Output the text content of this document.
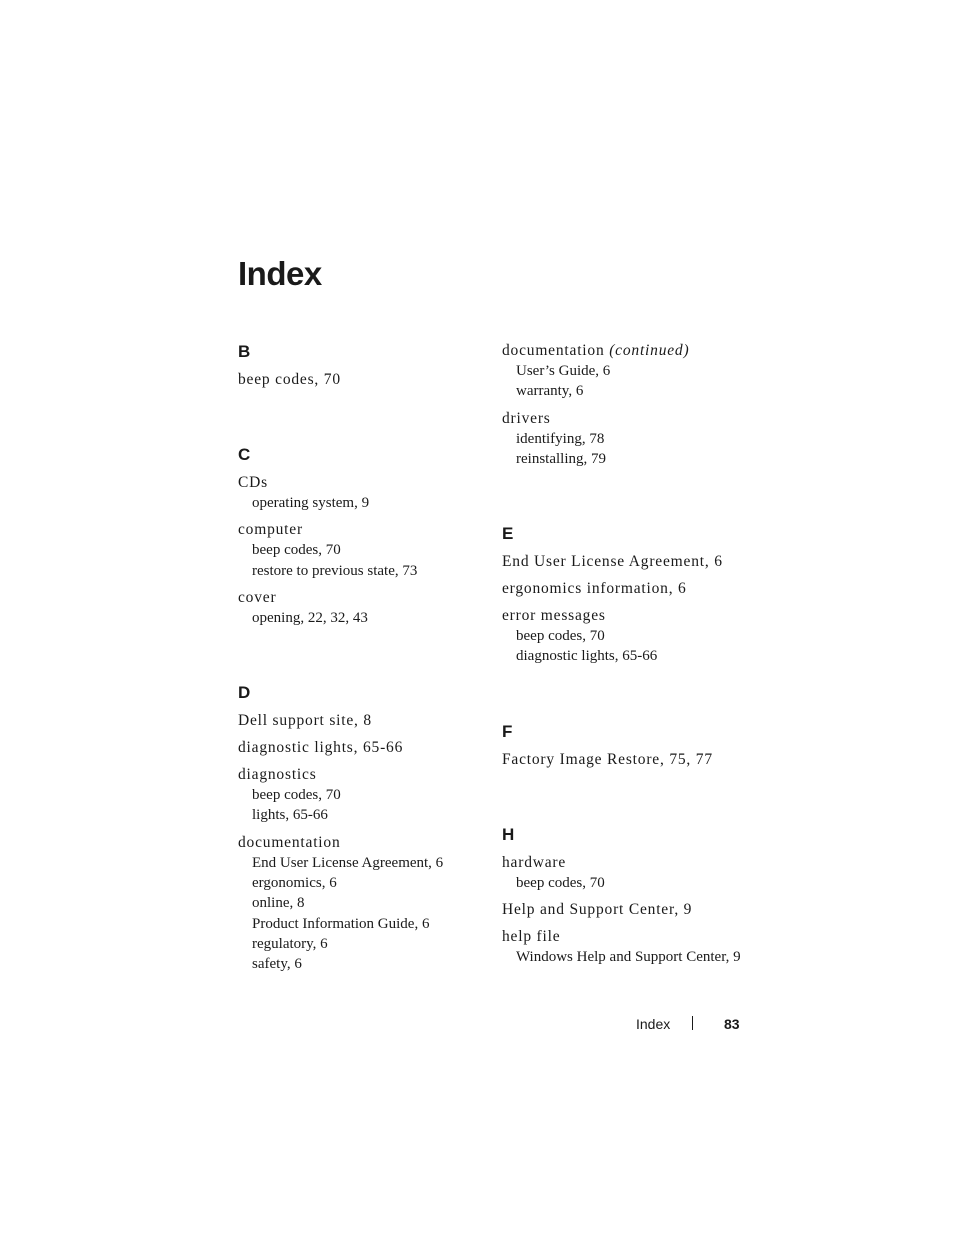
Index
B
beep codes, 70
C
CDs
operating system, 9
computer
beep codes, 70
restore to previous state, 73
cover
opening, 22, 32, 43
D
Dell support site, 8
diagnostic lights, 65-66
diagnostics
beep codes, 70
lights, 65-66
documentation
End User License Agreement, 6
ergonomics, 6
online, 8
Product Information Guide, 6
regulatory, 6
safety, 6
documentation (continued)
User’s Guide, 6
warranty, 6
drivers
identifying, 78
reinstalling, 79
E
End User License Agreement, 6
ergonomics information, 6
error messages
beep codes, 70
diagnostic lights, 65-66
F
Factory Image Restore, 75, 77
H
hardware
beep codes, 70
Help and Support Center, 9
help file
Windows Help and Support Center, 9
Index	83
